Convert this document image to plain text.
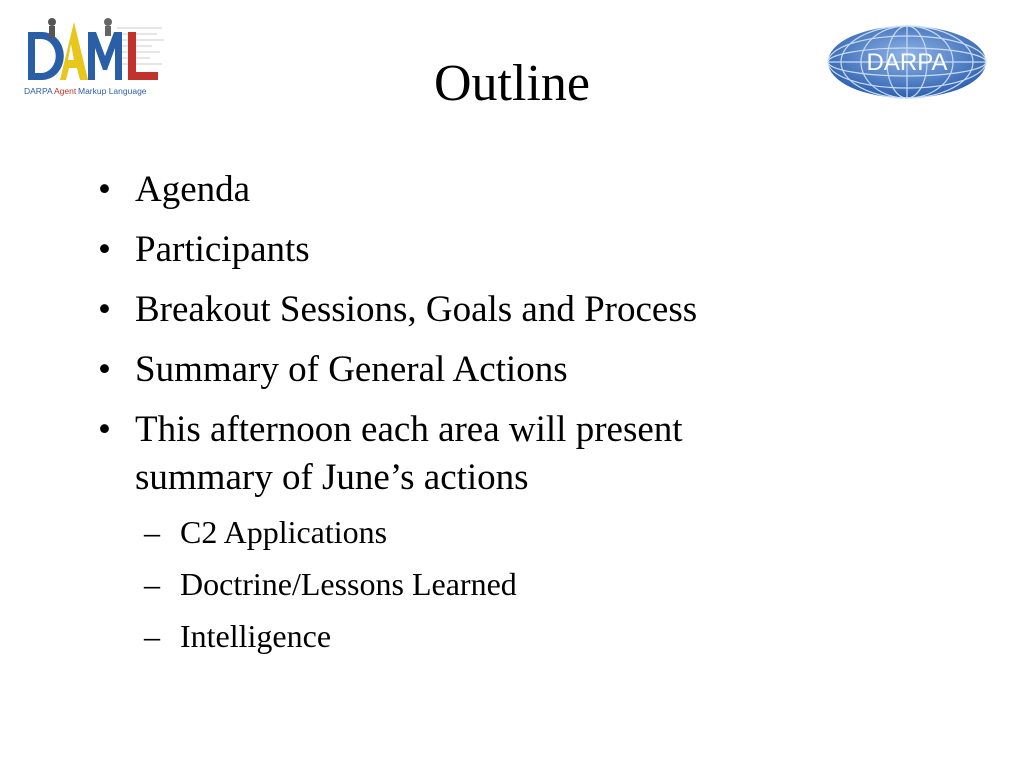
DARPA Agent Markup Language
DARPA
Outline
• Agenda
• Participants
• Breakout Sessions, Goals and Process
• Summary of General Actions
• This afternoon each area will present summary of June’s actions
– C2 Applications
– Doctrine/Lessons Learned
– Intelligence
